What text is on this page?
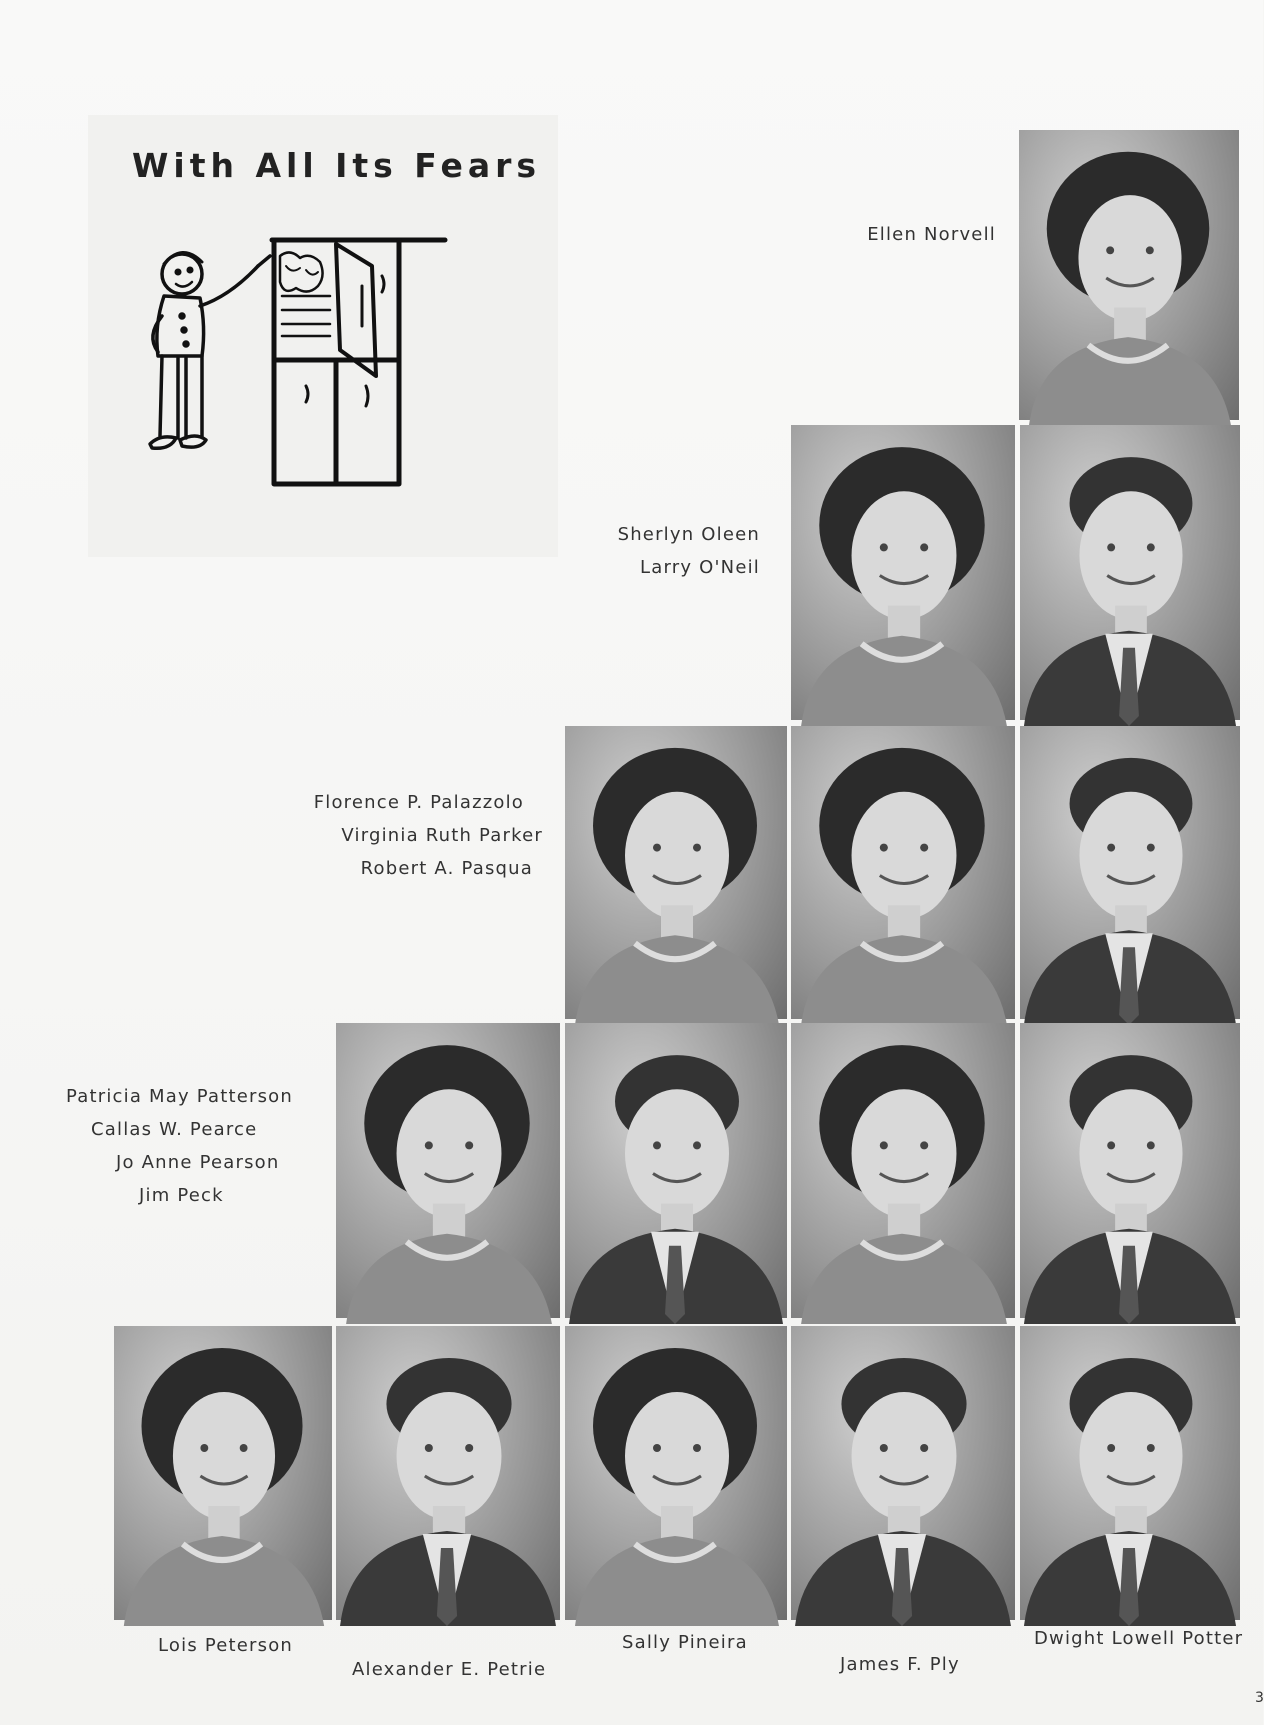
With All Its Fears
Ellen Norvell
Sherlyn Oleen
Larry O'Neil
Florence P. Palazzolo
Virginia Ruth Parker
Robert A. Pasqua
Patricia May Patterson
Callas W. Pearce
Jo Anne Pearson
Jim Peck
Lois Peterson
Alexander E. Petrie
Sally Pineira
James F. Ply
Dwight Lowell Potter
3
